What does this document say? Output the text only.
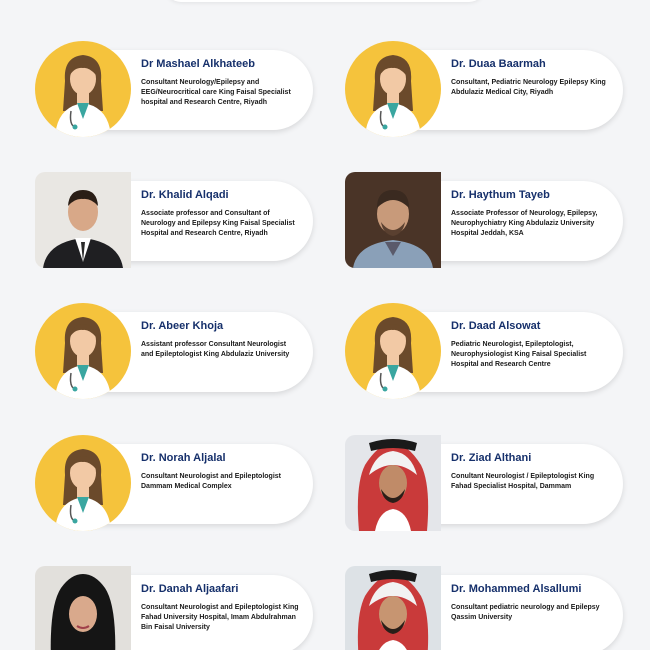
Dr Mashael Alkhateeb
Consultant Neurology/Epilepsy and EEG/Neurocritical care King Faisal Specialist hospital and Research Centre, Riyadh
Dr. Duaa Baarmah
Consultant, Pediatric Neurology Epilepsy King Abdulaziz Medical City, Riyadh
Dr. Khalid Alqadi
Associate professor and Consultant of Neurology and Epilepsy King Faisal Specialist Hospital and Research Centre, Riyadh
Dr. Haythum Tayeb
Associate Professor of Neurology, Epilepsy, Neurophychiatry King Abdulaziz University Hospital Jeddah, KSA
Dr. Abeer Khoja
Assistant professor Consultant Neurologist and Epileptologist King Abdulaziz University
Dr. Daad Alsowat
Pediatric Neurologist, Epileptologist, Neurophysiologist King Faisal Specialist Hospital and Research Centre
Dr. Norah Aljalal
Consultant Neurologist and Epileptologist Dammam Medical Complex
Dr. Ziad Althani
Conultant Neurologist / Epileptologist King Fahad Specialist Hospital, Dammam
Dr. Danah Aljaafari
Consultant Neurologist and Epileptologist King Fahad University Hospital, Imam Abdulrahman Bin Faisal University
Dr. Mohammed Alsallumi
Consultant pediatric neurology and Epilepsy Qassim University
